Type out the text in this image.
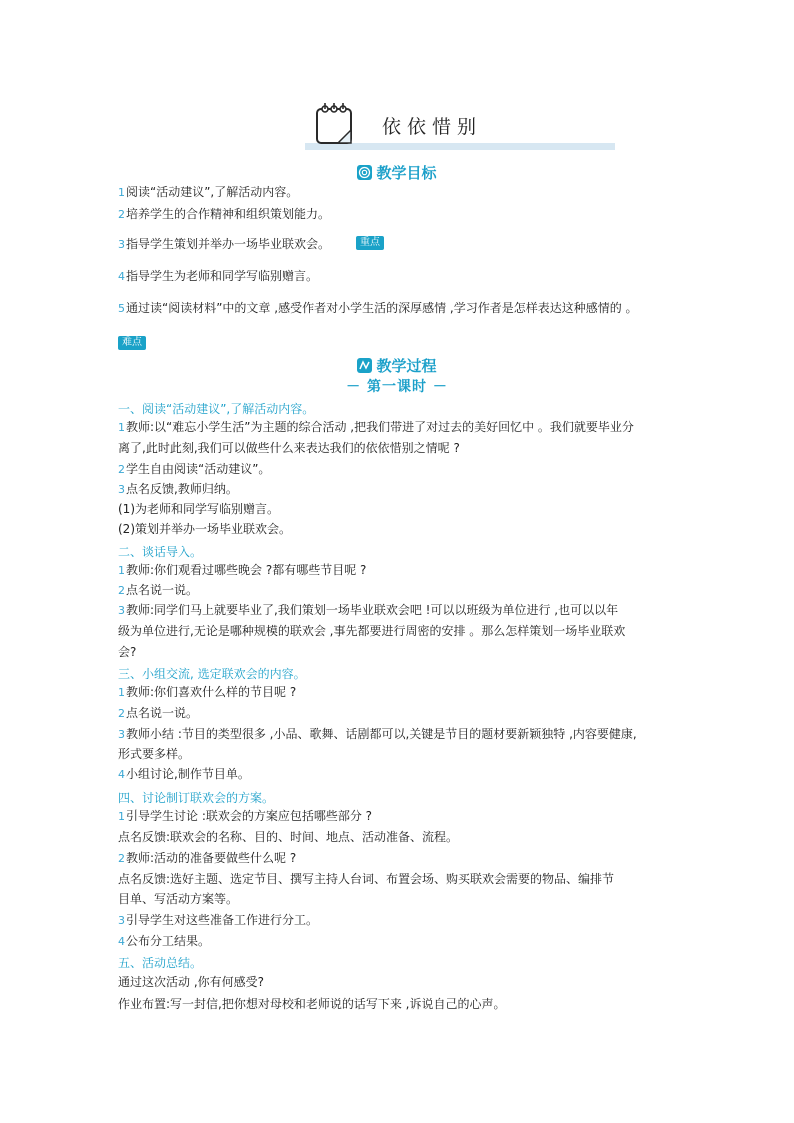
依依惜别
教学目标
1阅读“活动建议”,了解活动内容。
2培养学生的合作精神和组织策划能力。
3指导学生策划并举办一场毕业联欢会。	重点
4指导学生为老师和同学写临别赠言。
5通过读“阅读材料”中的文章 ,感受作者对小学生活的深厚感情 ,学习作者是怎样表达这种感情的 。
难点
教学过程
－ 第一课时 －
一、阅读“活动建议”,了解活动内容。
1教师:以“难忘小学生活”为主题的综合活动 ,把我们带进了对过去的美好回忆中 。我们就要毕业分
离了,此时此刻,我们可以做些什么来表达我们的依依惜别之情呢 ?
2学生自由阅读“活动建议”。
3点名反馈,教师归纳。
(1)为老师和同学写临别赠言。
(2)策划并举办一场毕业联欢会。
二、谈话导入。
1教师:你们观看过哪些晚会 ?都有哪些节目呢 ?
2点名说一说。
3教师:同学们马上就要毕业了,我们策划一场毕业联欢会吧 !可以以班级为单位进行 ,也可以以年
级为单位进行,无论是哪种规模的联欢会 ,事先都要进行周密的安排 。那么怎样策划一场毕业联欢
会?
三、小组交流, 选定联欢会的内容。
1教师:你们喜欢什么样的节目呢 ?
2点名说一说。
3教师小结 :节目的类型很多 ,小品、歌舞、话剧都可以,关键是节目的题材要新颖独特 ,内容要健康,
形式要多样。
4小组讨论,制作节目单。
四、讨论制订联欢会的方案。
1引导学生讨论 :联欢会的方案应包括哪些部分 ?
点名反馈:联欢会的名称、目的、时间、地点、活动准备、流程。
2教师:活动的准备要做些什么呢 ?
点名反馈:选好主题、选定节目、撰写主持人台词、布置会场、购买联欢会需要的物品、编排节
目单、写活动方案等。
3引导学生对这些准备工作进行分工。
4公布分工结果。
五、活动总结。
通过这次活动 ,你有何感受?
作业布置:写一封信,把你想对母校和老师说的话写下来 ,诉说自己的心声。
